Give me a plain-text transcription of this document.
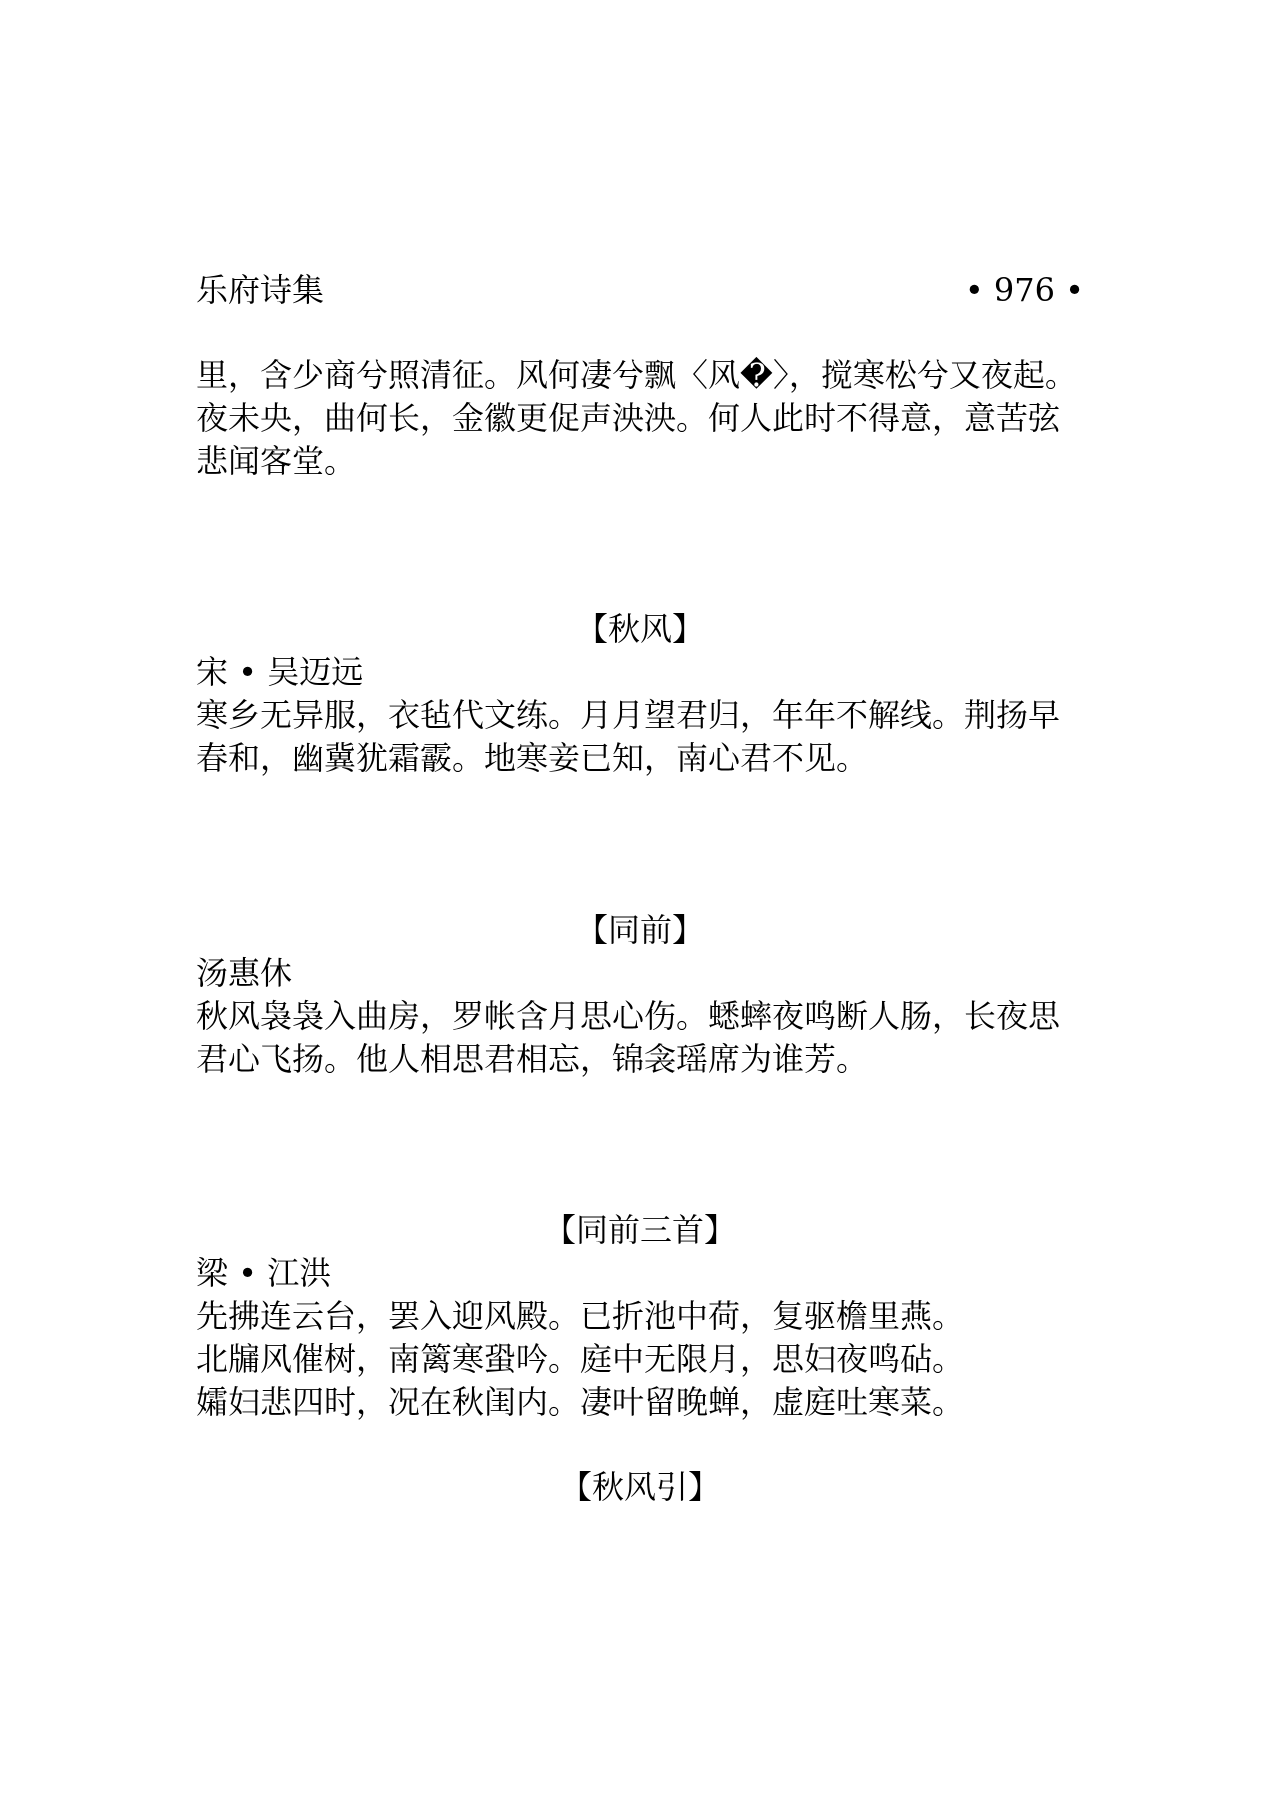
乐府诗集	• 976 •

里，含少商兮照清征。风何凄兮飘〈风�〉，搅寒松兮又夜起。

夜未央，曲何长，金徽更促声泱泱。何人此时不得意，意苦弦

悲闻客堂。

【秋风】

宋 • 吴迈远

寒乡无异服，衣毡代文练。月月望君归，年年不解线。荆扬早

春和，幽冀犹霜霰。地寒妾已知，南心君不见。

【同前】

汤惠休

秋风袅袅入曲房，罗帐含月思心伤。蟋蟀夜鸣断人肠，长夜思

君心飞扬。他人相思君相忘，锦衾瑶席为谁芳。

【同前三首】

梁 • 江洪

先拂连云台，罢入迎风殿。已折池中荷，复驱檐里燕。

北牖风催树，南篱寒蛩吟。庭中无限月，思妇夜鸣砧。

孀妇悲四时，况在秋闺内。凄叶留晚蝉，虚庭吐寒菜。

【秋风引】
